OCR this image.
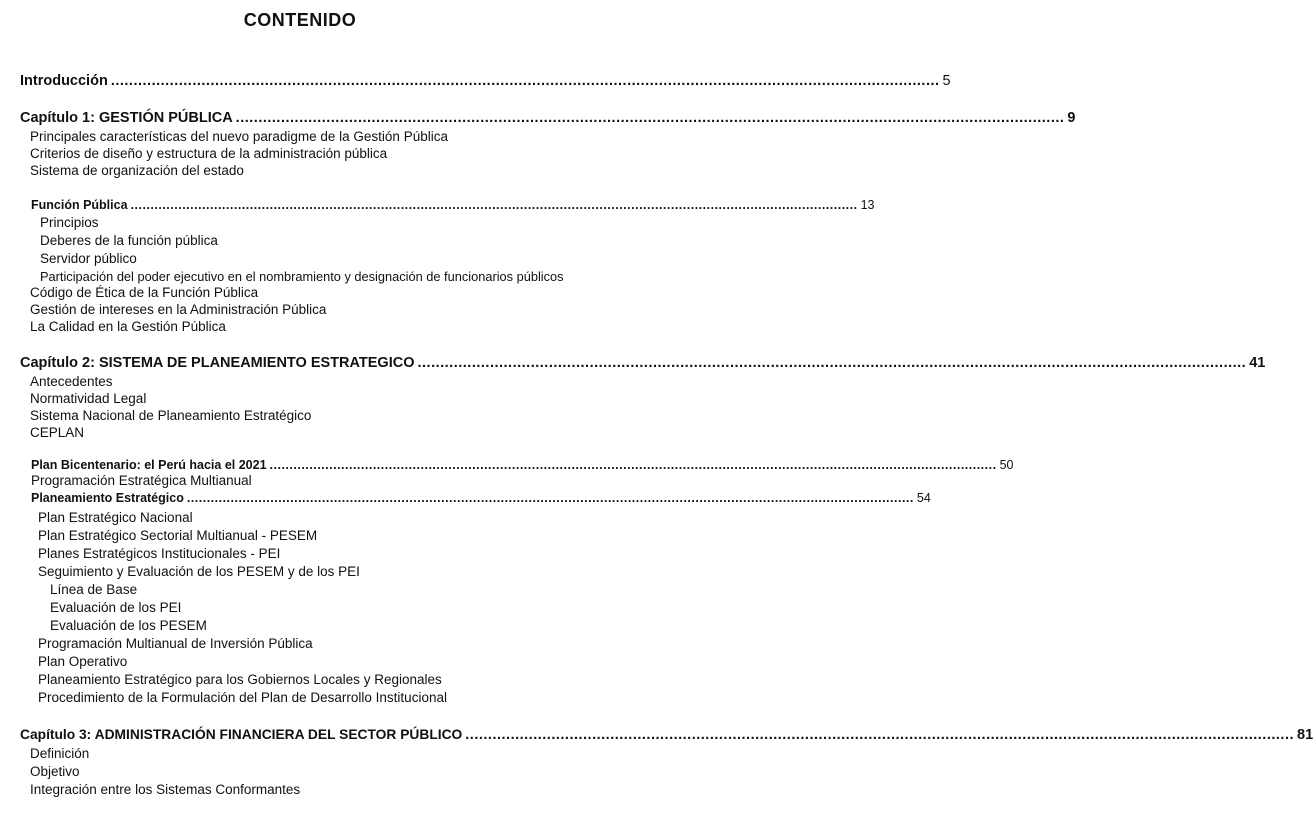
CONTENIDO
Introducción ....................................................................................................................................................................................... 5
Capítulo 1: GESTIÓN PÚBLICA ....................................................................................................................................................................................... 9
Principales características del nuevo paradigme de la Gestión Pública
Criterios de diseño y estructura de la administración pública
Sistema de organización del estado
Función Pública ....................................................................................................................................................................................... 13
Principios
Deberes de la función pública
Servidor público
Participación del poder ejecutivo en el nombramiento y designación de funcionarios públicos
Código de Ética de la Función Pública
Gestión de intereses en la Administración Pública
La Calidad en la Gestión Pública
Capítulo 2: SISTEMA DE PLANEAMIENTO ESTRATEGICO ....................................................................................................................................................................................... 41
Antecedentes
Normatividad Legal
Sistema Nacional de Planeamiento Estratégico
CEPLAN
Plan Bicentenario: el Perú hacia el 2021 ....................................................................................................................................................................................... 50
Programación Estratégica Multianual
Planeamiento Estratégico ....................................................................................................................................................................................... 54
Plan Estratégico Nacional
Plan Estratégico Sectorial Multianual - PESEM
Planes Estratégicos Institucionales - PEI
Seguimiento y Evaluación de los PESEM y de los PEI
Línea de Base
Evaluación de los PEI
Evaluación de los PESEM
Programación Multianual de Inversión Pública
Plan Operativo
Planeamiento Estratégico para los Gobiernos Locales y Regionales
Procedimiento de la Formulación del Plan de Desarrollo Institucional
Capítulo 3: ADMINISTRACIÓN FINANCIERA DEL SECTOR PÚBLICO ....................................................................................................................................................................................... 81
Definición
Objetivo
Integración entre los Sistemas Conformantes
